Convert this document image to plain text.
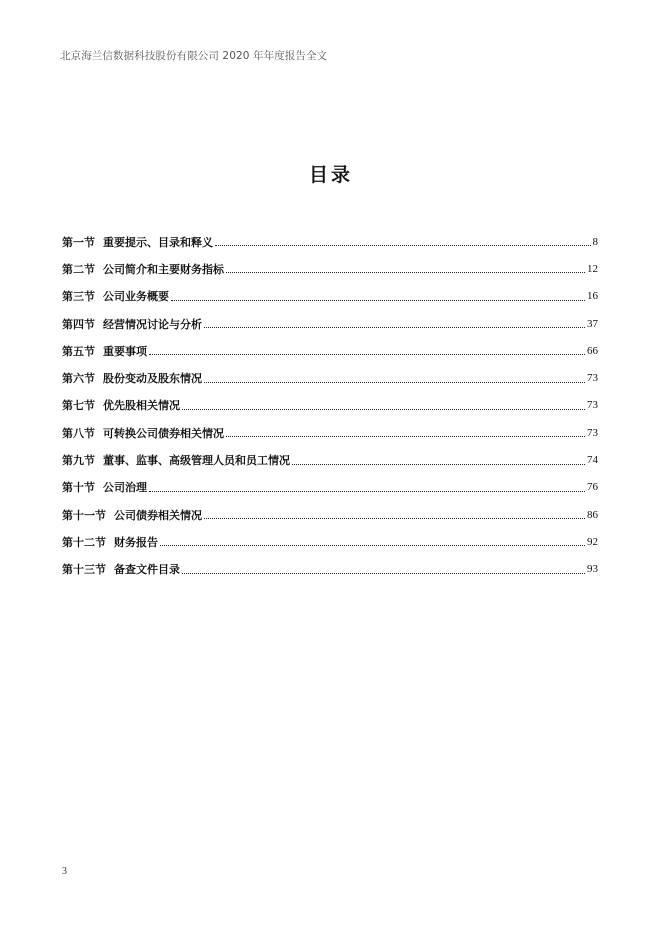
北京海兰信数据科技股份有限公司 2020 年年度报告全文
目录
第一节 重要提示、目录和释义	8
第二节 公司简介和主要财务指标	12
第三节 公司业务概要	16
第四节 经营情况讨论与分析	37
第五节 重要事项	66
第六节 股份变动及股东情况	73
第七节 优先股相关情况	73
第八节 可转换公司债券相关情况	73
第九节 董事、监事、高级管理人员和员工情况	74
第十节 公司治理	76
第十一节 公司债券相关情况	86
第十二节 财务报告	92
第十三节 备查文件目录	93
3
